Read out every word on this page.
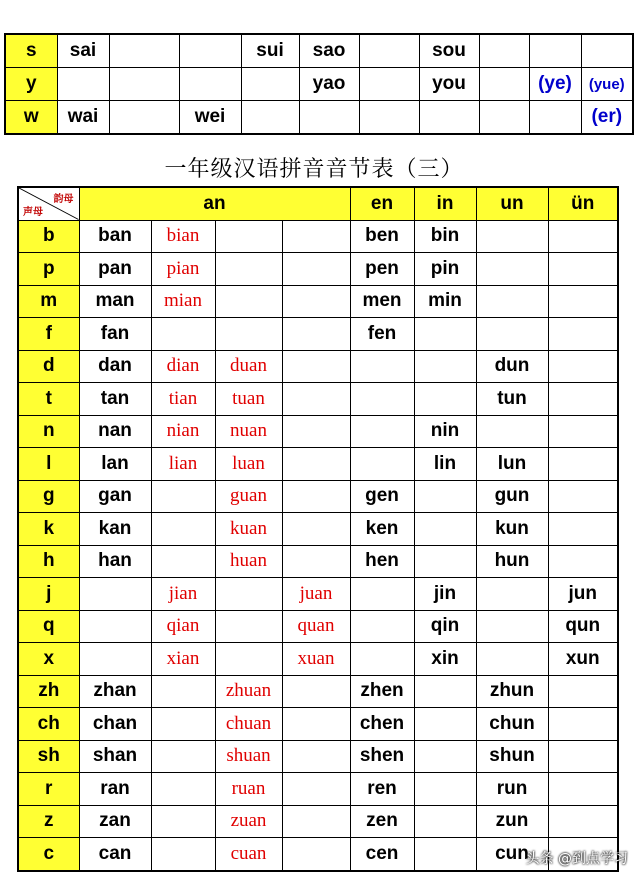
s	sai			sui	sao		sou			
y					yao		you		(ye)	(yue)
w	wai		wei							(er)
一年级汉语拼音音节表（三）
韵母
声母	an				en	in	un	ün
b	ban	bian			ben	bin		
p	pan	pian			pen	pin		
m	man	mian			men	min		
f	fan				fen			
d	dan	dian	duan				dun	
t	tan	tian	tuan				tun	
n	nan	nian	nuan			nin		
l	lan	lian	luan			lin	lun	
g	gan		guan		gen		gun	
k	kan		kuan		ken		kun	
h	han		huan		hen		hun	
j		jian		juan		jin		jun
q		qian		quan		qin		qun
x		xian		xuan		xin		xun
zh	zhan		zhuan		zhen		zhun	
ch	chan		chuan		chen		chun	
sh	shan		shuan		shen		shun	
r	ran		ruan		ren		run	
z	zan		zuan		zen		zun	
c	can		cuan		cen		cun	
头条 @到点学习
